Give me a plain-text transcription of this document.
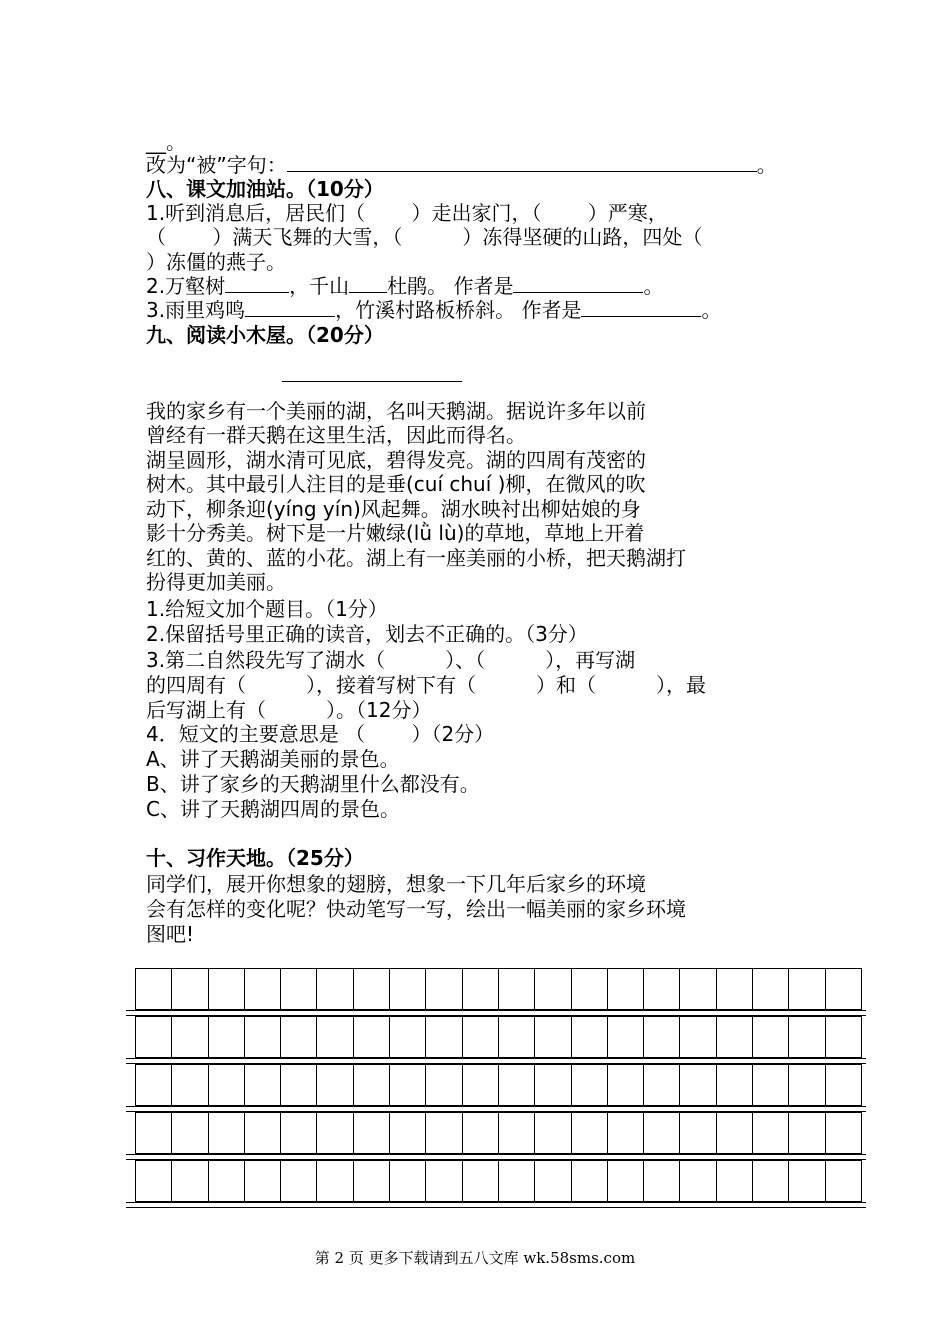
__。
改为“被”字句：	。
八、课文加油站。（10分）
1.听到消息后，居民们（　　 ）走出家门，（　　 ）严寒，
（　　 ）满天飞舞的大雪，（　　　）冻得坚硬的山路，四处（
）冻僵的燕子。
2.万壑树	，千山 杜鹃。 作者是	。
3.雨里鸡鸣	，竹溪村路板桥斜。 作者是	。
九、阅读小木屋。（20分）
我的家乡有一个美丽的湖，名叫天鹅湖。据说许多年以前
曾经有一群天鹅在这里生活，因此而得名。
湖呈圆形，湖水清可见底，碧得发亮。湖的四周有茂密的
树木。其中最引人注目的是垂(cuí chuí )柳，在微风的吹
动下，柳条迎(yíng yín)风起舞。湖水映衬出柳姑娘的身
影十分秀美。树下是一片嫩绿(lǜ lù)的草地，草地上开着
红的、黄的、蓝的小花。湖上有一座美丽的小桥，把天鹅湖打
扮得更加美丽。
1.给短文加个题目。（1分）
2.保留括号里正确的读音，划去不正确的。（3分）
3.第二自然段先写了湖水（　　　）、（　　　），再写湖
的四周有（　　　），接着写树下有（　　　）和（　　　），最
后写湖上有（　　　）。（12分）
4．短文的主要意思是 （　　 ）（2分）
A、讲了天鹅湖美丽的景色。
B、讲了家乡的天鹅湖里什么都没有。
C、讲了天鹅湖四周的景色。
十、习作天地。（25分）
同学们，展开你想象的翅膀，想象一下几年后家乡的环境
会有怎样的变化呢？快动笔写一写，绘出一幅美丽的家乡环境
图吧!
第 2 页 更多下载请到五八文库 wk.58sms.com
